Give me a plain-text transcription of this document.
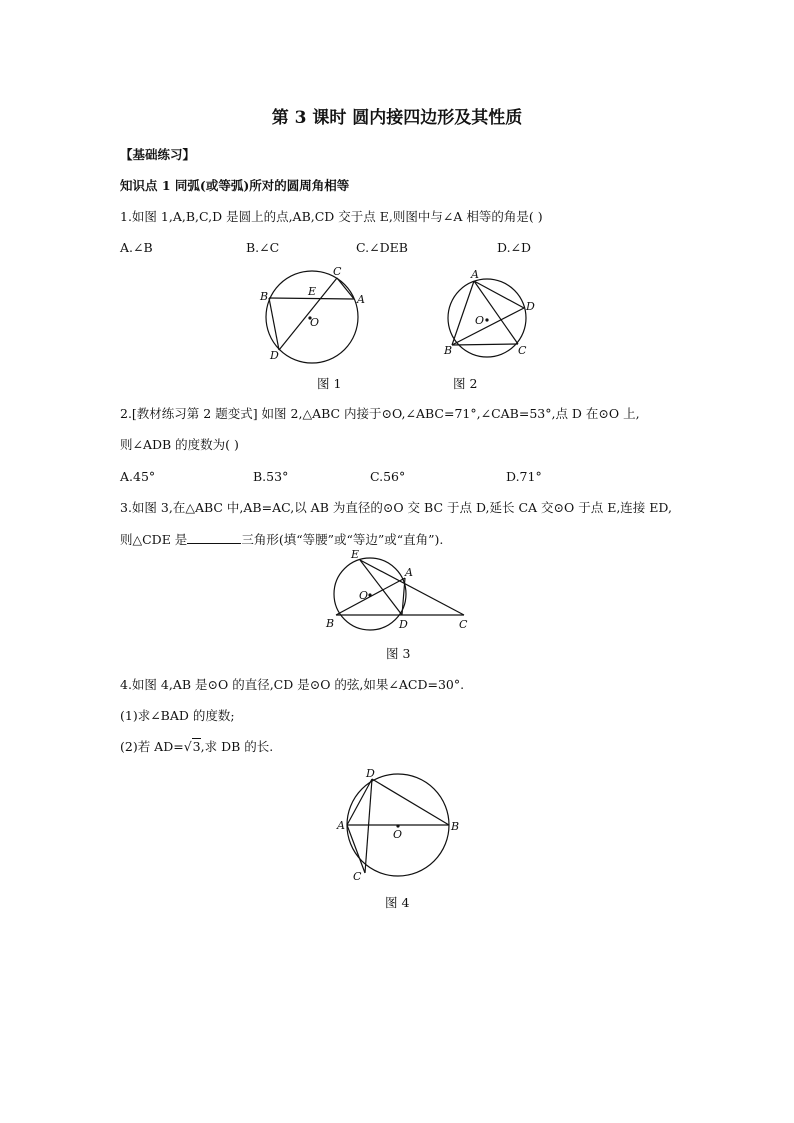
第 3 课时 圆内接四边形及其性质
【基础练习】
知识点 1 同弧(或等弧)所对的圆周角相等
1.如图 1,A,B,C,D 是圆上的点,AB,CD 交于点 E,则图中与∠A 相等的角是( )
A.∠B	B.∠C	C.∠DEB	D.∠D
B
C
A
E
O
D
图 1
A
D
O
B	C
图 2
2.[教材练习第 2 题变式] 如图 2,△ABC 内接于⊙O,∠ABC=71°,∠CAB=53°,点 D 在⊙O 上,
则∠ADB 的度数为( )
A.45°	B.53°	C.56°	D.71°
3.如图 3,在△ABC 中,AB=AC,以 AB 为直径的⊙O 交 BC 于点 D,延长 CA 交⊙O 于点 E,连接 ED,
则△CDE 是	三角形(填“等腰”或“等边”或“直角”).
E
A
O
B	D	C
图 3
4.如图 4,AB 是⊙O 的直径,CD 是⊙O 的弦,如果∠ACD=30°.
(1)求∠BAD 的度数;
(2)若 AD=√3,求 DB 的长.
D
A	B
O
C
图 4
